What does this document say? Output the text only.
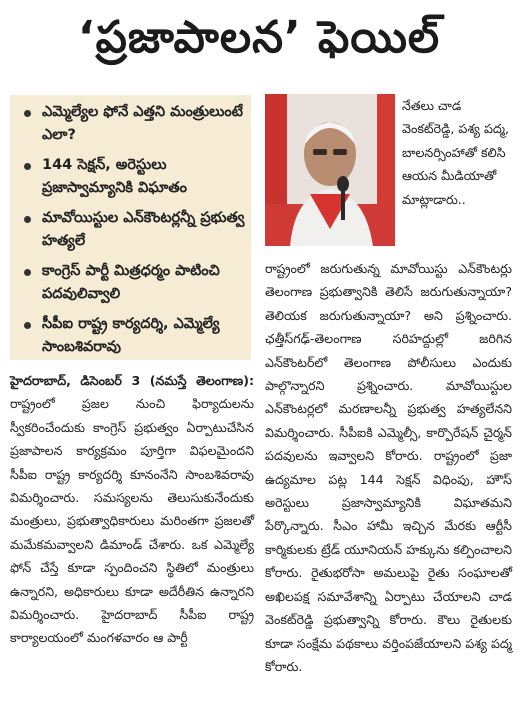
‘ప్రజాపాలన’ ఫెయిల్
ఎమ్మెల్యేల ఫోనే ఎత్తని మంత్రులుంటే ఎలా?
144 సెక్షన్, అరెస్టులు ప్రజాస్వామ్యానికి విఘాతం
మావోయిస్టుల ఎన్‌కౌంటర్లన్నీ ప్రభుత్వ హత్యలే
కాంగ్రెస్ పార్టీ మిత్రధర్మం పాటించి పదవులివ్వాలి
సీపీఐ రాష్ట్ర కార్యదర్శి, ఎమ్మెల్యే సాంబశివరావు
హైదరాబాద్, డిసెంబర్ 3 (నమస్తే తెలంగాణ): రాష్ట్రంలో ప్రజల నుంచి ఫిర్యాదులను స్వీకరించేందుకు కాంగ్రెస్ ప్రభుత్వం ఏర్పాటుచేసిన ప్రజాపాలన కార్యక్రమం పూర్తిగా విఫలమైందని సీపీఐ రాష్ట్ర కార్యదర్శి కూనంనేని సాంబశివరావు విమర్శించారు. సమస్యలను తెలుసుకునేందుకు మంత్రులు, ప్రభుత్వాధికారులు మరింతగా ప్రజలతో మమేకమవ్వాలని డిమాండ్ చేశారు. ఒక ఎమ్మెల్యే ఫోన్ చేస్తే కూడా స్పందించని స్థితిలో మంత్రులు ఉన్నారని, అధికారులు కూడా అదేరీతిన ఉన్నారని విమర్శించారు. హైదరాబాద్ సీపీఐ రాష్ట్ర కార్యాలయంలో మంగళవారం ఆ పార్టీ
నేతలు చాడ వెంకట్‌రెడ్డి, పశ్య పద్మ, బాలనర్సింహాతో కలిసి ఆయన మీడియాతో మాట్లాడారు..
రాష్ట్రంలో జరుగుతున్న మావోయిస్టు ఎన్‌కౌంటర్లు తెలంగాణ ప్రభుత్వానికి తెలిసే జరుగుతున్నాయా? తెలియక జరుగుతున్నాయా? అని ప్రశ్నించారు. ఛత్తీస్‌గఢ్-తెలంగాణ సరిహద్దుల్లో జరిగిన ఎన్‌కౌంటర్‌లో తెలంగాణ పోలీసులు ఎందుకు పాల్గొన్నారని ప్రశ్నించారు. మావోయిస్టుల ఎన్‌కౌంటర్లలో మరణాలన్నీ ప్రభుత్వ హత్యలేనని విమర్శించారు. సీపీఐకి ఎమ్మెల్సీ, కార్పొరేషన్ చైర్మన్ పదవులను ఇవ్వాలని కోరారు. రాష్ట్రంలో ప్రజా ఉద్యమాల పట్ల 144 సెక్షన్ విధింపు, హౌస్ అరెస్టులు ప్రజాస్వామ్యానికి విఘాతమని పేర్కొన్నారు. సీఎం హామీ ఇచ్చిన మేరకు ఆర్టీసీ కార్మికులకు ట్రేడ్ యూనియన్ హక్కును కల్పించాలని కోరారు. రైతుభరోసా అమలుపై రైతు సంఘాలతో అఖిలపక్ష సమావేశాన్ని ఏర్పాటు చేయాలని చాడ వెంకట్‌రెడ్డి ప్రభుత్వాన్ని కోరారు. కౌలు రైతులకు కూడా సంక్షేమ పథకాలు వర్తింపజేయాలని పశ్య పద్మ కోరారు.
